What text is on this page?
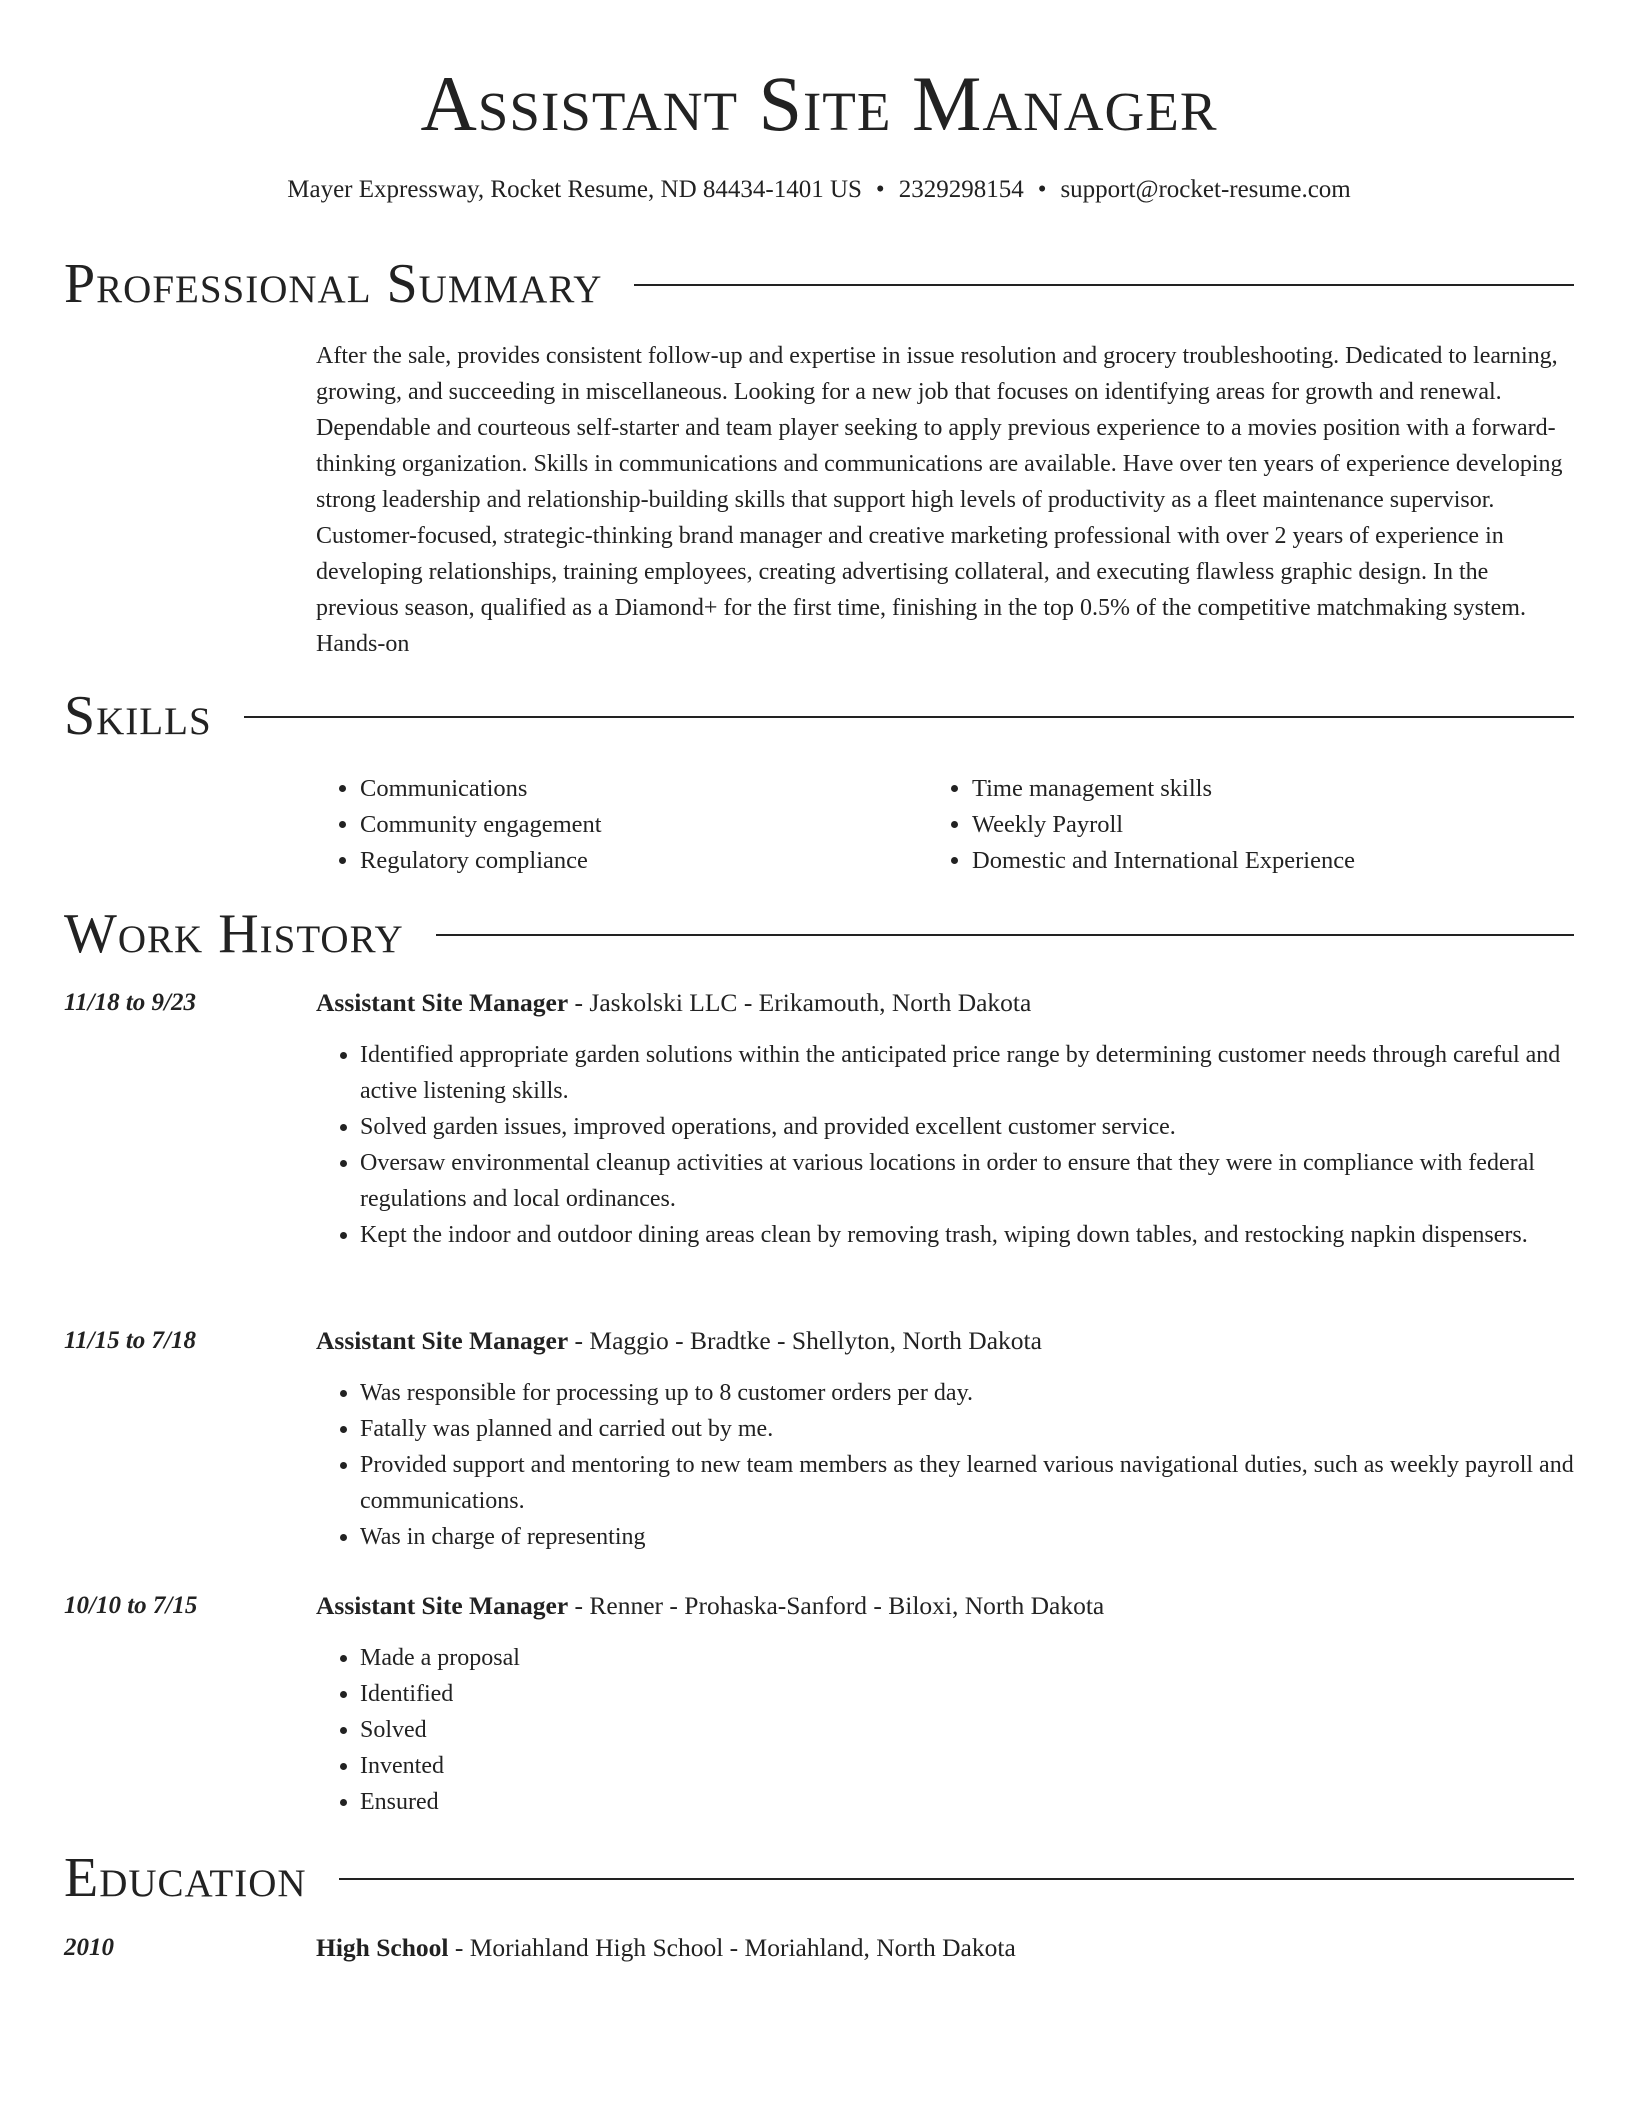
Assistant Site Manager
Mayer Expressway, Rocket Resume, ND 84434-1401 US • 2329298154 • support@rocket-resume.com
Professional Summary

After the sale, provides consistent follow-up and expertise in issue resolution and grocery troubleshooting. Dedicated to learning, growing, and succeeding in miscellaneous. Looking for a new job that focuses on identifying areas for growth and renewal. Dependable and courteous self-starter and team player seeking to apply previous experience to a movies position with a forward-thinking organization. Skills in communications and communications are available. Have over ten years of experience developing strong leadership and relationship-building skills that support high levels of productivity as a fleet maintenance supervisor. Customer-focused, strategic-thinking brand manager and creative marketing professional with over 2 years of experience in developing relationships, training employees, creating advertising collateral, and executing flawless graphic design. In the previous season, qualified as a Diamond+ for the first time, finishing in the top 0.5% of the competitive matchmaking system. Hands-on

Skills
• Communications
• Community engagement
• Regulatory compliance
• Time management skills
• Weekly Payroll
• Domestic and International Experience
Work History
11/18 to 9/23	Assistant Site Manager - Jaskolski LLC - Erikamouth, North Dakota
• Identified appropriate garden solutions within the anticipated price range by determining customer needs through careful and active listening skills.
• Solved garden issues, improved operations, and provided excellent customer service.
• Oversaw environmental cleanup activities at various locations in order to ensure that they were in compliance with federal regulations and local ordinances.
• Kept the indoor and outdoor dining areas clean by removing trash, wiping down tables, and restocking napkin dispensers.
11/15 to 7/18	Assistant Site Manager - Maggio - Bradtke - Shellyton, North Dakota
• Was responsible for processing up to 8 customer orders per day.
• Fatally was planned and carried out by me.
• Provided support and mentoring to new team members as they learned various navigational duties, such as weekly payroll and communications.
• Was in charge of representing
10/10 to 7/15	Assistant Site Manager - Renner - Prohaska-Sanford - Biloxi, North Dakota
• Made a proposal
• Identified
• Solved
• Invented
• Ensured
Education
2010	High School - Moriahland High School - Moriahland, North Dakota
